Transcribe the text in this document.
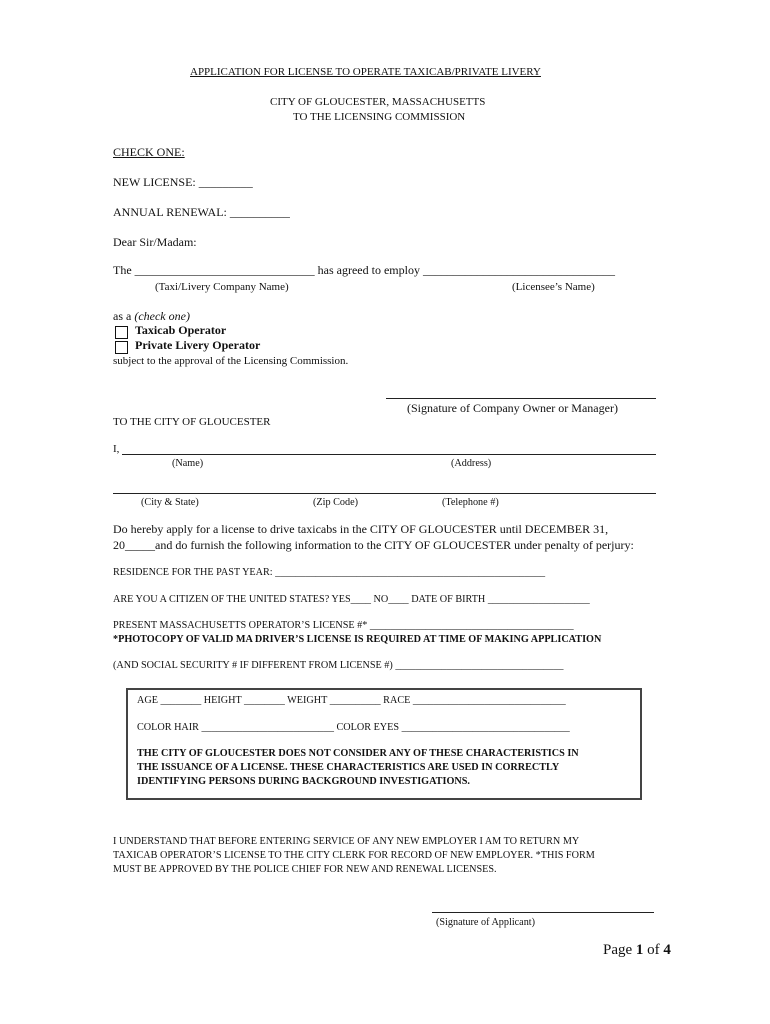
APPLICATION FOR LICENSE TO OPERATE TAXICAB/PRIVATE LIVERY
CITY OF GLOUCESTER, MASSACHUSETTS
TO THE LICENSING COMMISSION
CHECK ONE:
NEW LICENSE: _________
ANNUAL RENEWAL: __________
Dear Sir/Madam:
The ______________________________ has agreed to employ ________________________________
(Taxi/Livery Company Name)	(Licensee’s Name)
as a (check one)
Taxicab Operator
Private Livery Operator
subject to the approval of the Licensing Commission.
(Signature of Company Owner or Manager)
TO THE CITY OF GLOUCESTER
I,
(Name)	(Address)
(City & State)	(Zip Code)	(Telephone #)
Do hereby apply for a license to drive taxicabs in the CITY OF GLOUCESTER until DECEMBER 31,
20_____and do furnish the following information to the CITY OF GLOUCESTER under penalty of perjury:
RESIDENCE FOR THE PAST YEAR: _____________________________________________________
ARE YOU A CITIZEN OF THE UNITED STATES? YES____ NO____ DATE OF BIRTH ____________________
PRESENT MASSACHUSETTS OPERATOR’S LICENSE #* ________________________________________
*PHOTOCOPY OF VALID MA DRIVER’S LICENSE IS REQUIRED AT TIME OF MAKING APPLICATION
(AND SOCIAL SECURITY # IF DIFFERENT FROM LICENSE #) _________________________________
AGE ________ HEIGHT ________ WEIGHT __________ RACE ______________________________
COLOR HAIR __________________________ COLOR EYES _________________________________
THE CITY OF GLOUCESTER DOES NOT CONSIDER ANY OF THESE CHARACTERISTICS IN
THE ISSUANCE OF A LICENSE. THESE CHARACTERISTICS ARE USED IN CORRECTLY
IDENTIFYING PERSONS DURING BACKGROUND INVESTIGATIONS.
I UNDERSTAND THAT BEFORE ENTERING SERVICE OF ANY NEW EMPLOYER I AM TO RETURN MY
TAXICAB OPERATOR’S LICENSE TO THE CITY CLERK FOR RECORD OF NEW EMPLOYER. *THIS FORM
MUST BE APPROVED BY THE POLICE CHIEF FOR NEW AND RENEWAL LICENSES.
(Signature of Applicant)
Page 1 of 4
